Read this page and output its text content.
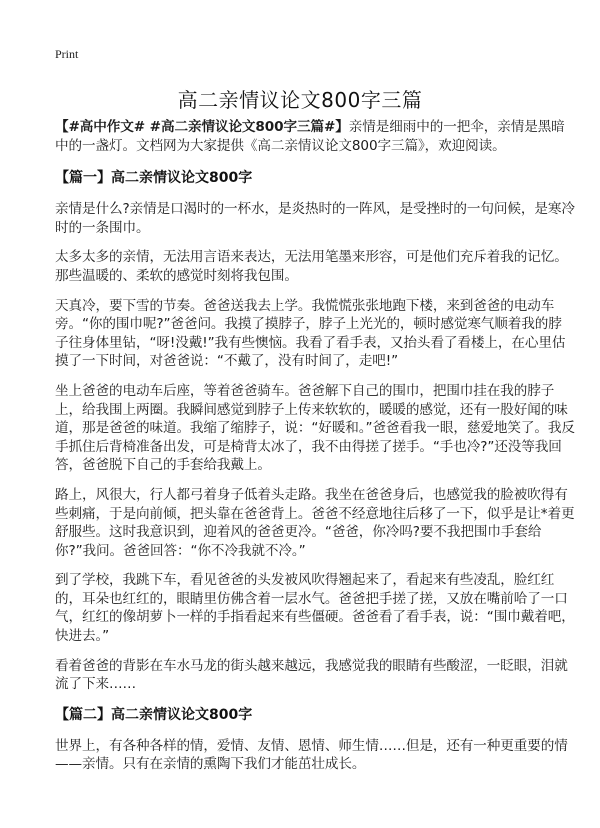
Print
高二亲情议论文800字三篇

【#高中作文# #高二亲情议论文800字三篇#】亲情是细雨中的一把伞，亲情是黑暗中的一盏灯。文档网为大家提供《高二亲情议论文800字三篇》，欢迎阅读。

【篇一】高二亲情议论文800字

亲情是什么?亲情是口渴时的一杯水，是炎热时的一阵风，是受挫时的一句问候，是寒冷时的一条围巾。

太多太多的亲情，无法用言语来表达，无法用笔墨来形容，可是他们充斥着我的记忆。那些温暖的、柔软的感觉时刻将我包围。

天真冷，要下雪的节奏。爸爸送我去上学。我慌慌张张地跑下楼，来到爸爸的电动车旁。“你的围巾呢?”爸爸问。我摸了摸脖子，脖子上光光的，顿时感觉寒气顺着我的脖子往身体里钻，“呀!没戴!”我有些懊恼。我看了看手表，又抬头看了看楼上，在心里估摸了一下时间，对爸爸说：“不戴了，没有时间了，走吧!”

坐上爸爸的电动车后座，等着爸爸骑车。爸爸解下自己的围巾，把围巾挂在我的脖子上，给我围上两圈。我瞬间感觉到脖子上传来软软的，暖暖的感觉，还有一股好闻的味道，那是爸爸的味道。我缩了缩脖子，说：“好暖和。”爸爸看我一眼，慈爱地笑了。我反手抓住后背椅准备出发，可是椅背太冰了，我不由得搓了搓手。“手也冷?”还没等我回答，爸爸脱下自己的手套给我戴上。

路上，风很大，行人都弓着身子低着头走路。我坐在爸爸身后，也感觉我的脸被吹得有些刺痛，于是向前倾，把头靠在爸爸背上。爸爸不经意地往后移了一下，似乎是让*着更舒服些。这时我意识到，迎着风的爸爸更冷。“爸爸，你冷吗?要不我把围巾手套给你?”我问。爸爸回答：“你不冷我就不冷。”

到了学校，我跳下车，看见爸爸的头发被风吹得翘起来了，看起来有些凌乱，脸红红的，耳朵也红红的，眼睛里仿佛含着一层水气。爸爸把手搓了搓，又放在嘴前哈了一口气，红红的像胡萝卜一样的手指看起来有些僵硬。爸爸看了看手表，说：“围巾戴着吧，快进去。”

看着爸爸的背影在车水马龙的街头越来越远，我感觉我的眼睛有些酸涩，一眨眼，泪就流了下来……

【篇二】高二亲情议论文800字

世界上，有各种各样的情，爱情、友情、恩情、师生情……但是，还有一种更重要的情——亲情。只有在亲情的熏陶下我们才能茁壮成长。
